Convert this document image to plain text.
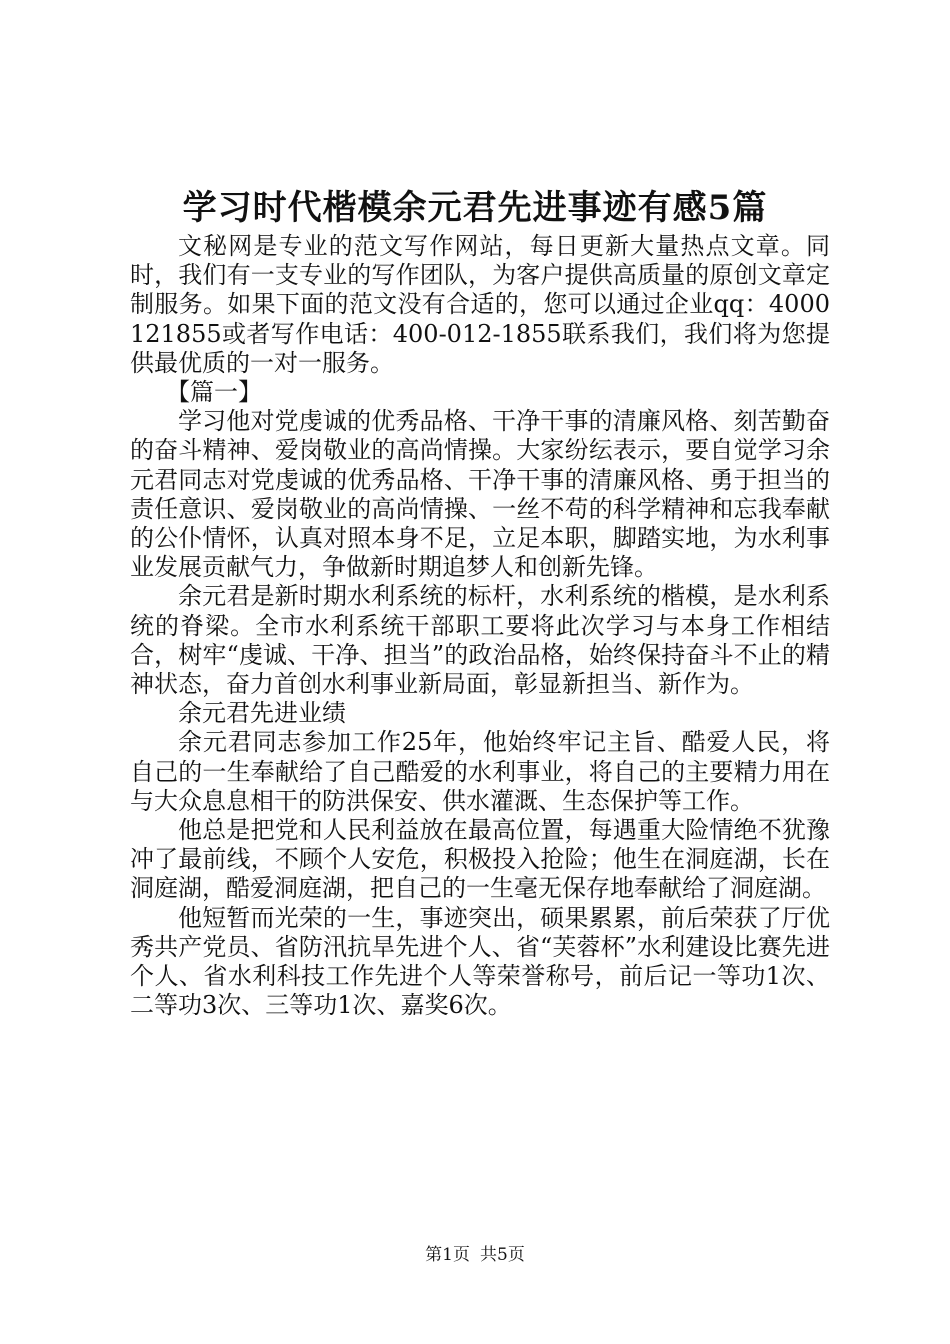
学习时代楷模余元君先进事迹有感5篇

文秘网是专业的范文写作网站，每日更新大量热点文章。同时，我们有一支专业的写作团队，为客户提供高质量的原创文章定制服务。如果下面的范文没有合适的，您可以通过企业qq：4000121855或者写作电话：400-012-1855联系我们，我们将为您提供最优质的一对一服务。

【篇一】

学习他对党虔诚的优秀品格、干净干事的清廉风格、刻苦勤奋的奋斗精神、爱岗敬业的高尚情操。大家纷纭表示，要自觉学习余元君同志对党虔诚的优秀品格、干净干事的清廉风格、勇于担当的责任意识、爱岗敬业的高尚情操、一丝不苟的科学精神和忘我奉献的公仆情怀，认真对照本身不足，立足本职，脚踏实地，为水利事业发展贡献气力，争做新时期追梦人和创新先锋。

余元君是新时期水利系统的标杆，水利系统的楷模，是水利系统的脊梁。全市水利系统干部职工要将此次学习与本身工作相结合，树牢“虔诚、干净、担当”的政治品格，始终保持奋斗不止的精神状态，奋力首创水利事业新局面，彰显新担当、新作为。

余元君先进业绩

余元君同志参加工作25年，他始终牢记主旨、酷爱人民，将自己的一生奉献给了自己酷爱的水利事业，将自己的主要精力用在与大众息息相干的防洪保安、供水灌溉、生态保护等工作。

他总是把党和人民利益放在最高位置，每遇重大险情绝不犹豫冲了最前线，不顾个人安危，积极投入抢险；他生在洞庭湖，长在洞庭湖，酷爱洞庭湖，把自己的一生毫无保存地奉献给了洞庭湖。

他短暂而光荣的一生，事迹突出，硕果累累，前后荣获了厅优秀共产党员、省防汛抗旱先进个人、省“芙蓉杯”水利建设比赛先进个人、省水利科技工作先进个人等荣誉称号，前后记一等功1次、二等功3次、三等功1次、嘉奖6次。

第1页 共5页
